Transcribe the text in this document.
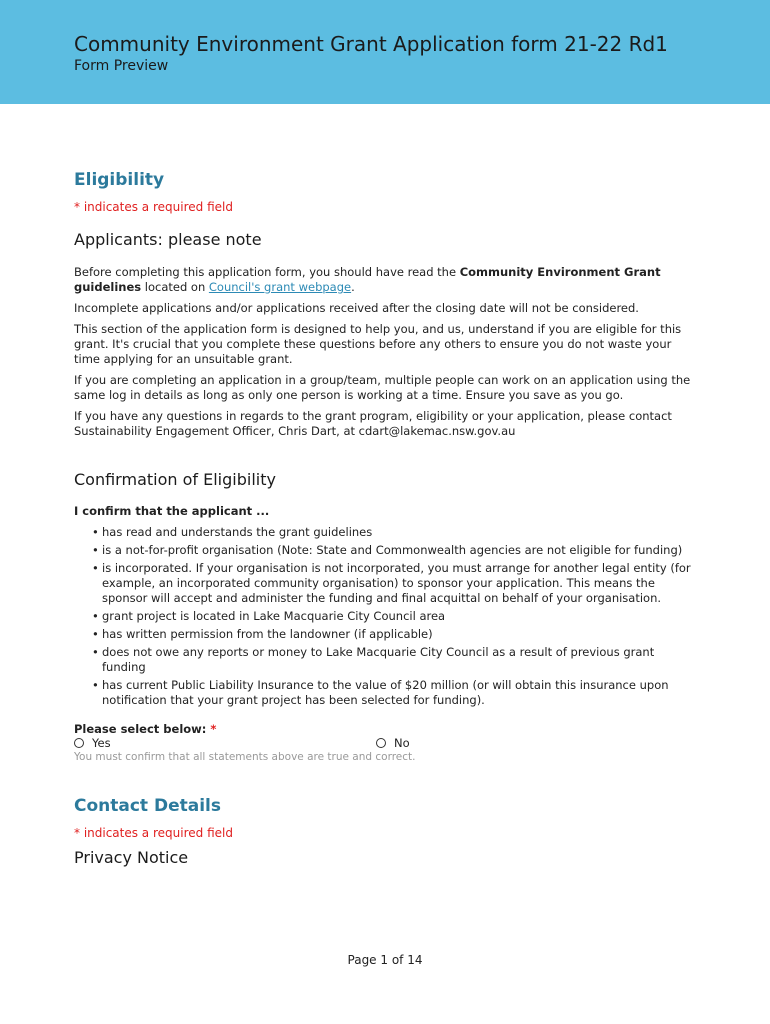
Community Environment Grant Application form 21-22 Rd1
Form Preview
Eligibility
* indicates a required field
Applicants: please note

Before completing this application form, you should have read the Community Environment Grant guidelines located on Council's grant webpage.

Incomplete applications and/or applications received after the closing date will not be considered.

This section of the application form is designed to help you, and us, understand if you are eligible for this grant. It's crucial that you complete these questions before any others to ensure you do not waste your time applying for an unsuitable grant.

If you are completing an application in a group/team, multiple people can work on an application using the same log in details as long as only one person is working at a time. Ensure you save as you go.

If you have any questions in regards to the grant program, eligibility or your application, please contact Sustainability Engagement Officer, Chris Dart, at cdart@lakemac.nsw.gov.au

Confirmation of Eligibility
I confirm that the applicant ...
• has read and understands the grant guidelines
• is a not-for-profit organisation (Note: State and Commonwealth agencies are not eligible for funding)
• is incorporated. If your organisation is not incorporated, you must arrange for another legal entity (for example, an incorporated community organisation) to sponsor your application. This means the sponsor will accept and administer the funding and final acquittal on behalf of your organisation.
• grant project is located in Lake Macquarie City Council area
• has written permission from the landowner (if applicable)
• does not owe any reports or money to Lake Macquarie City Council as a result of previous grant funding
• has current Public Liability Insurance to the value of $20 million (or will obtain this insurance upon notification that your grant project has been selected for funding).
Please select below: *
Yes	No
You must confirm that all statements above are true and correct.
Contact Details
* indicates a required field
Privacy Notice
Page 1 of 14
